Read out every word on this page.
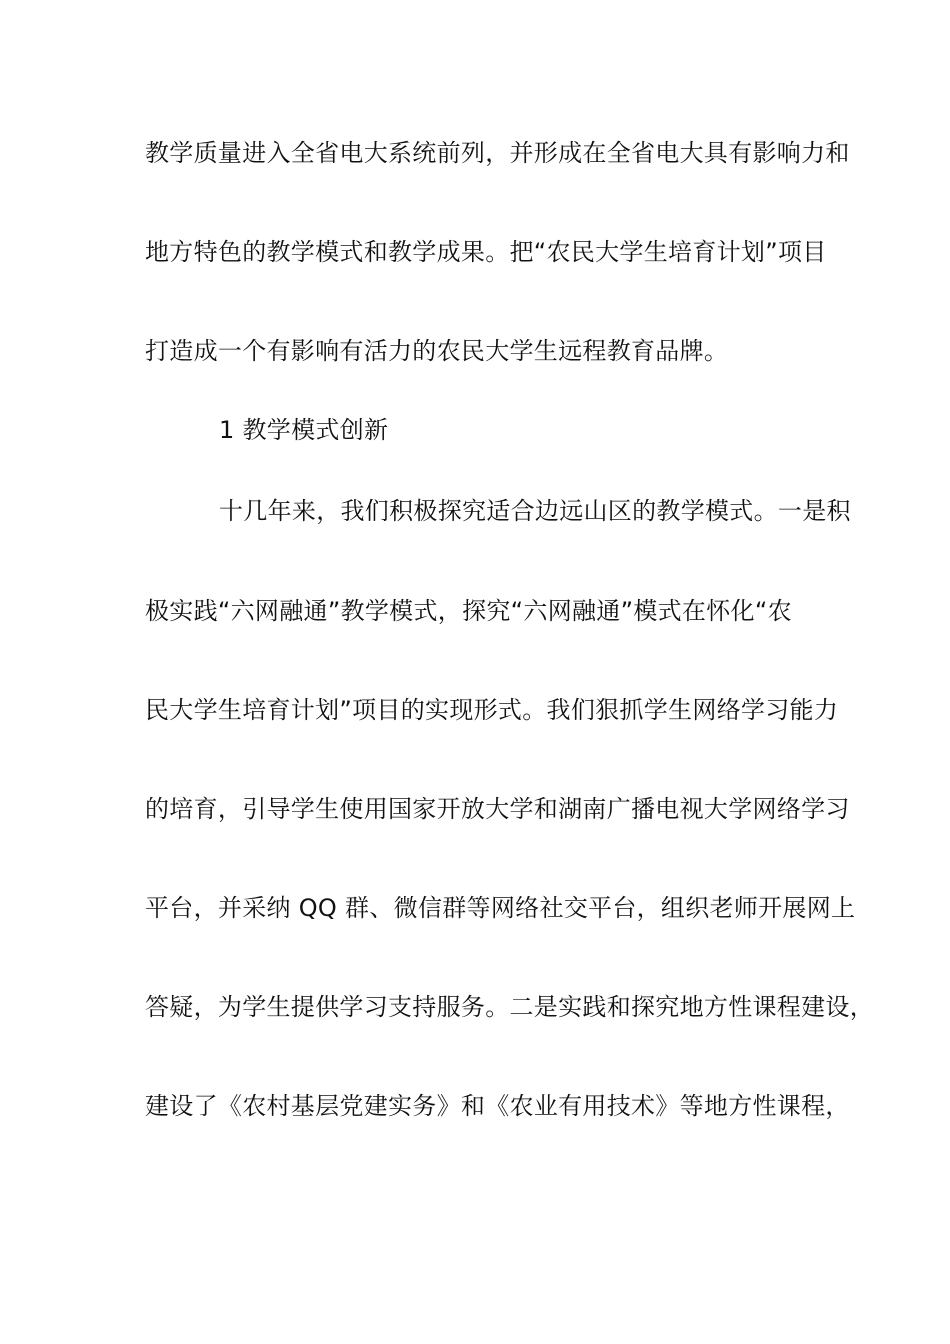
教学质量进入全省电大系统前列，并形成在全省电大具有影响力和
地方特色的教学模式和教学成果。把“农民大学生培育计划”项目
打造成一个有影响有活力的农民大学生远程教育品牌。
1 教学模式创新
十几年来，我们积极探究适合边远山区的教学模式。一是积
极实践“六网融通”教学模式，探究“六网融通”模式在怀化“农
民大学生培育计划”项目的实现形式。我们狠抓学生网络学习能力
的培育，引导学生使用国家开放大学和湖南广播电视大学网络学习
平台，并采纳 QQ 群、微信群等网络社交平台，组织老师开展网上
答疑，为学生提供学习支持服务。二是实践和探究地方性课程建设，
建设了《农村基层党建实务》和《农业有用技术》等地方性课程，
